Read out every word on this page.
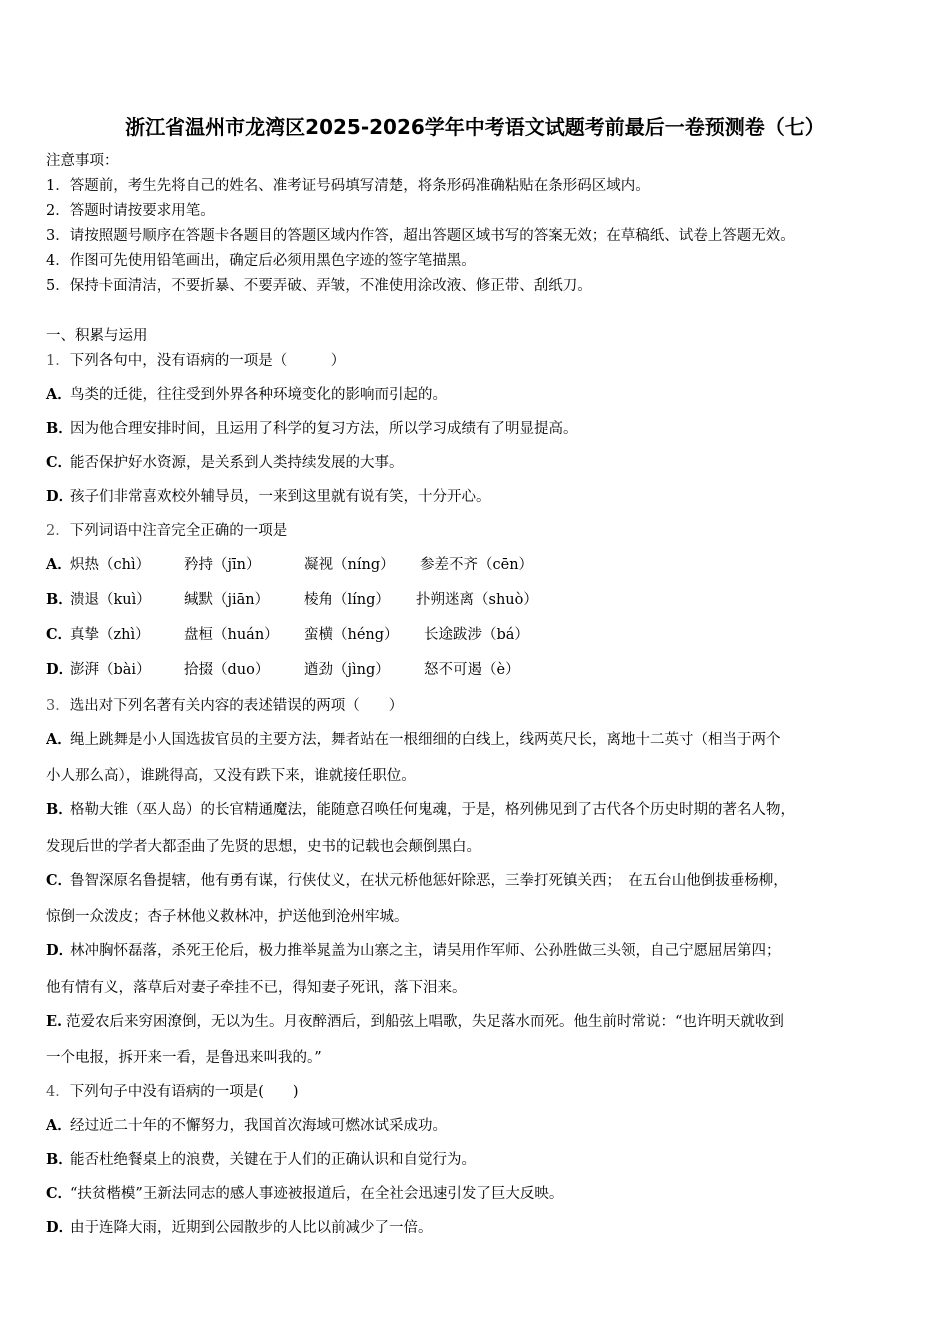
浙江省温州市龙湾区2025-2026学年中考语文试题考前最后一卷预测卷（七）
注意事项：
1．答题前，考生先将自己的姓名、准考证号码填写清楚，将条形码准确粘贴在条形码区域内。
2．答题时请按要求用笔。
3．请按照题号顺序在答题卡各题目的答题区域内作答，超出答题区域书写的答案无效；在草稿纸、试卷上答题无效。
4．作图可先使用铅笔画出，确定后必须用黑色字迹的签字笔描黑。
5．保持卡面清洁，不要折暴、不要弄破、弄皱，不准使用涂改液、修正带、刮纸刀。
一、积累与运用
1．下列各句中，没有语病的一项是（　　　）
A．鸟类的迁徙，往往受到外界各种环境变化的影响而引起的。
B．因为他合理安排时间，且运用了科学的复习方法，所以学习成绩有了明显提高。
C．能否保护好水资源，是关系到人类持续发展的大事。
D．孩子们非常喜欢校外辅导员，一来到这里就有说有笑，十分开心。
2．下列词语中注音完全正确的一项是
A．炽热（chì） 矜持（jīn）	凝视（níng） 参差不齐（cēn）
B．溃退（kuì） 缄默（jiān） 棱角（líng） 扑朔迷离（shuò）
C．真挚（zhì） 盘桓（huán） 蛮横（héng） 长途跋涉（bá）
D．澎湃（bài） 拾掇（duo） 遒劲（jìng） 怒不可遏（è）
3．选出对下列名著有关内容的表述错误的两项（　　）
A．绳上跳舞是小人国选拔官员的主要方法，舞者站在一根细细的白线上，线两英尺长，离地十二英寸（相当于两个
小人那么高），谁跳得高，又没有跌下来，谁就接任职位。
B．格勒大锥（巫人岛）的长官精通魔法，能随意召唤任何鬼魂，于是，格列佛见到了古代各个历史时期的著名人物，
发现后世的学者大都歪曲了先贤的思想，史书的记载也会颠倒黑白。
C．鲁智深原名鲁提辖，他有勇有谋，行侠仗义，在状元桥他惩奸除恶，三拳打死镇关西；　在五台山他倒拔垂杨柳，
惊倒一众泼皮；杏子林他义救林冲，护送他到沧州牢城。
D．林冲胸怀磊落，杀死王伦后，极力推举晁盖为山寨之主，请吴用作军师、公孙胜做三头领，自己宁愿屈居第四；
他有情有义，落草后对妻子牵挂不已，得知妻子死讯，落下泪来。
E. 范爱农后来穷困潦倒，无以为生。月夜醉酒后，到船弦上唱歌，失足落水而死。他生前时常说：“也许明天就收到
一个电报，拆开来一看，是鲁迅来叫我的。”
4．下列句子中没有语病的一项是(　　)
A．经过近二十年的不懈努力，我国首次海域可燃冰试采成功。
B．能否杜绝餐桌上的浪费，关键在于人们的正确认识和自觉行为。
C．“扶贫楷模”王新法同志的感人事迹被报道后，在全社会迅速引发了巨大反映。
D．由于连降大雨，近期到公园散步的人比以前减少了一倍。
